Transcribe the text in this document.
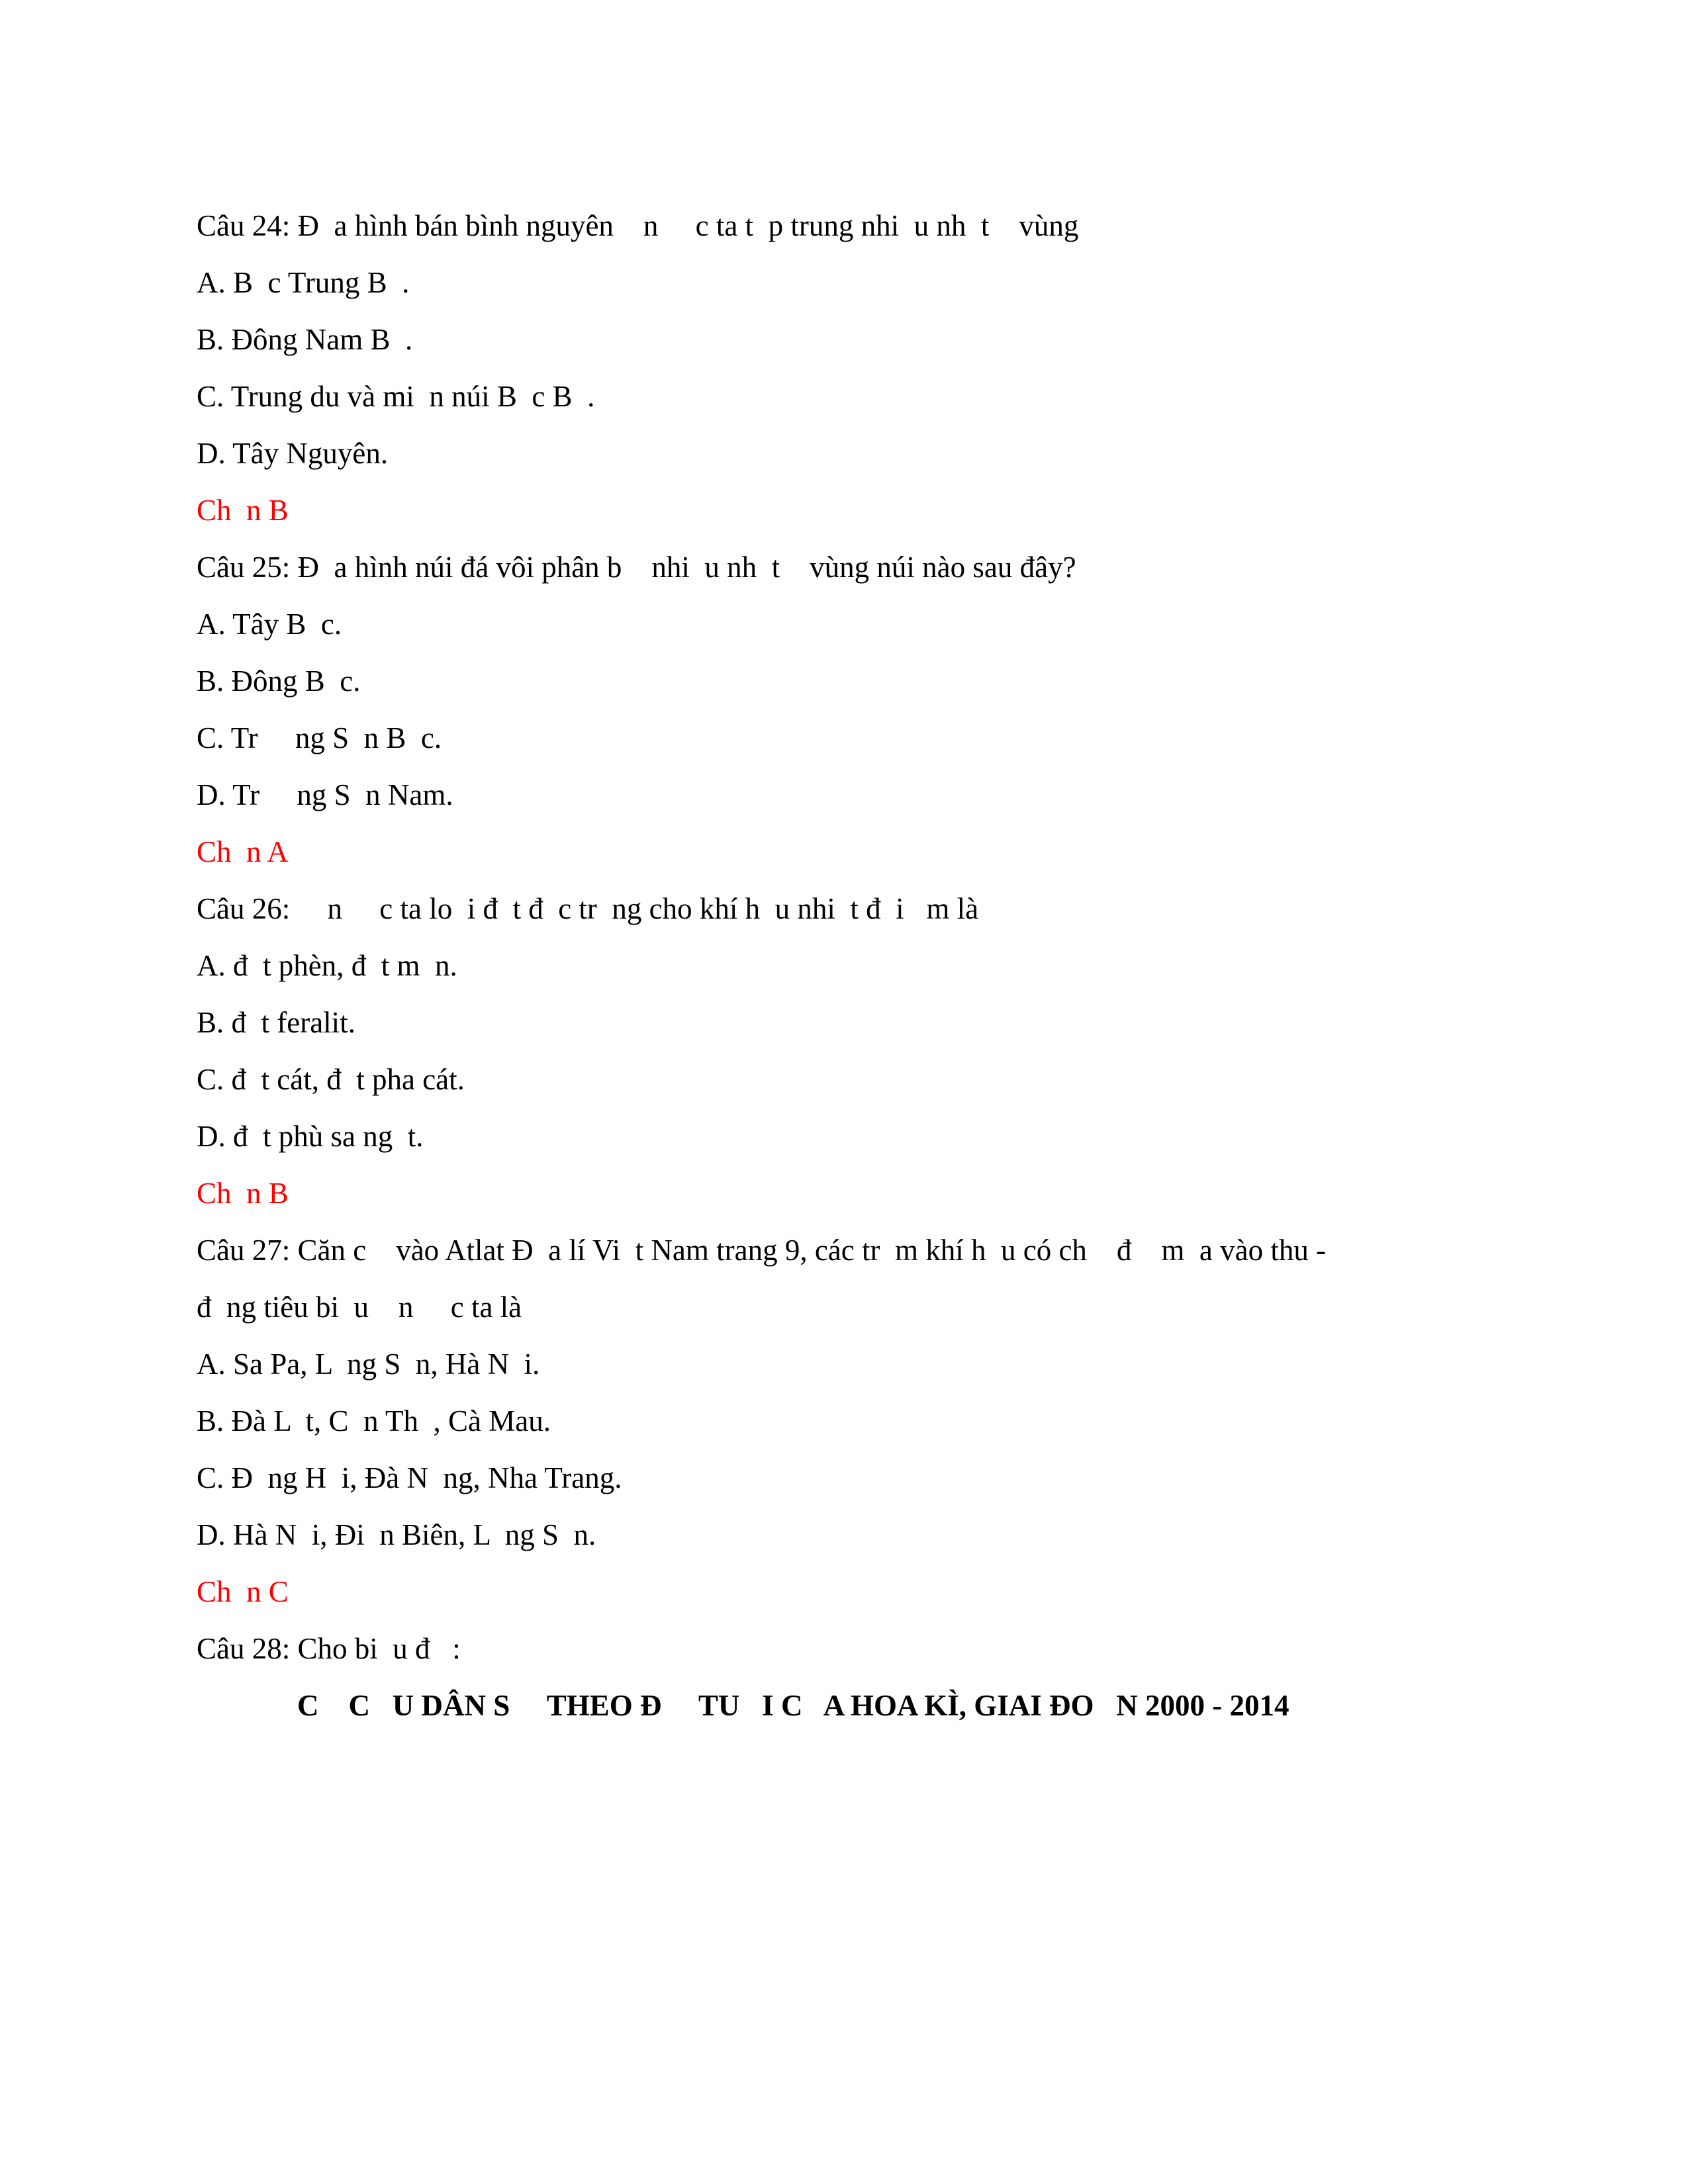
Câu 24: Đ  a hình bán bình nguyên    n     c ta t  p trung nhi  u nh  t    vùng

A. B  c Trung B  .

B. Đông Nam B  .

C. Trung du và mi  n núi B  c B  .

D. Tây Nguyên.

Ch  n B

Câu 25: Đ  a hình núi đá vôi phân b    nhi  u nh  t    vùng núi nào sau đây?

A. Tây B  c.

B. Đông B  c.

C. Tr     ng S  n B  c.

D. Tr     ng S  n Nam.

Ch  n A

Câu 26:     n     c ta lo  i đ  t đ  c tr  ng cho khí h  u nhi  t đ  i   m là

A. đ  t phèn, đ  t m  n.

B. đ  t feralit.

C. đ  t cát, đ  t pha cát.

D. đ  t phù sa ng  t.

Ch  n B

Câu 27: Căn c    vào Atlat Đ  a lí Vi  t Nam trang 9, các tr  m khí h  u có ch    đ    m  a vào thu -

đ  ng tiêu bi  u    n     c ta là

A. Sa Pa, L  ng S  n, Hà N  i.

B. Đà L  t, C  n Th  , Cà Mau.

C. Đ  ng H  i, Đà N  ng, Nha Trang.

D. Hà N  i, Đi  n Biên, L  ng S  n.

Ch  n C

Câu 28: Cho bi  u đ   :

C    C   U DÂN S     THEO Đ     TU   I C   A HOA KÌ, GIAI ĐO   N 2000 - 2014
